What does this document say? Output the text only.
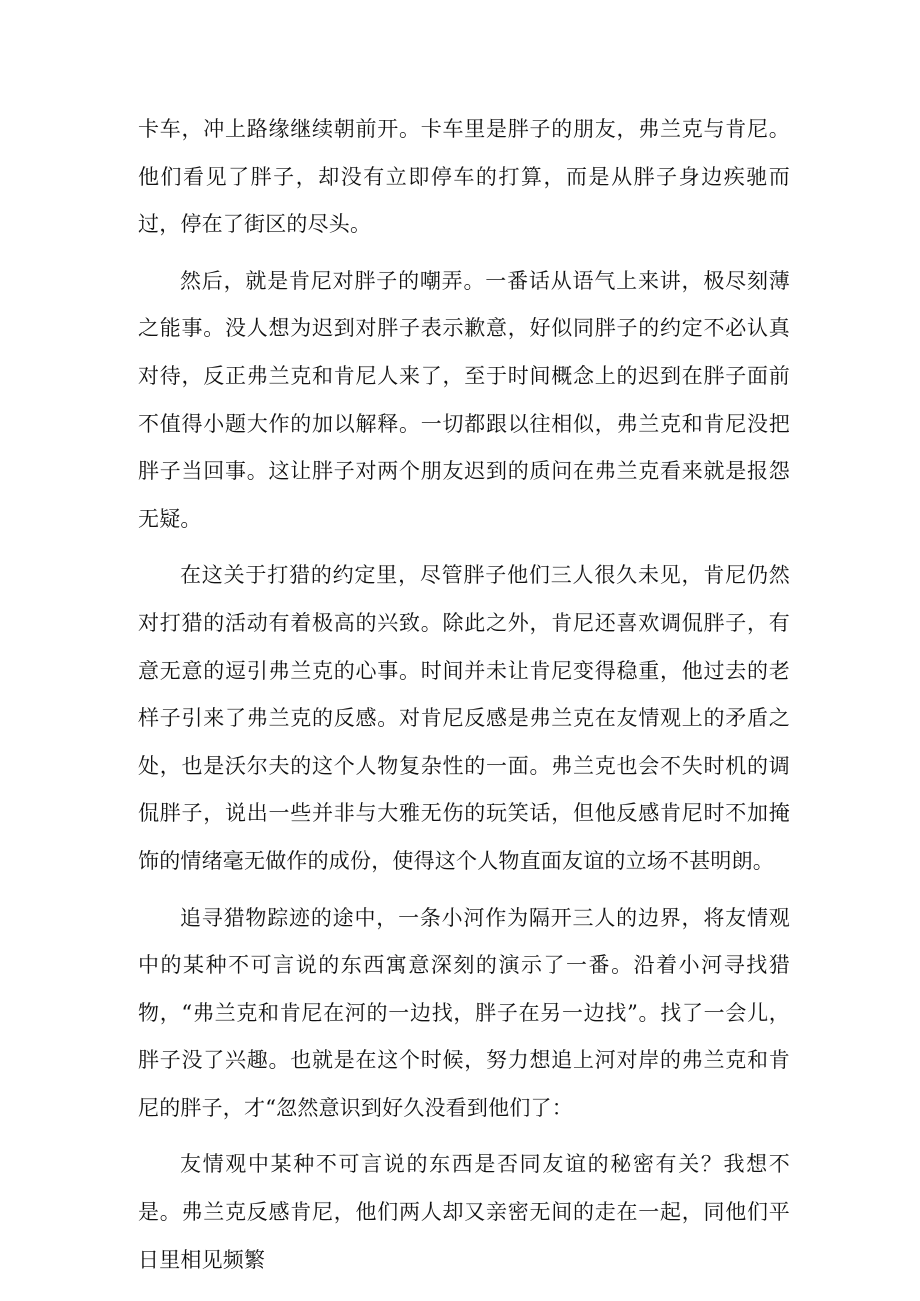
卡车，冲上路缘继续朝前开。卡车里是胖子的朋友，弗兰克与肯尼。他们看见了胖子，却没有立即停车的打算，而是从胖子身边疾驰而过，停在了街区的尽头。

然后，就是肯尼对胖子的嘲弄。一番话从语气上来讲，极尽刻薄之能事。没人想为迟到对胖子表示歉意，好似同胖子的约定不必认真对待，反正弗兰克和肯尼人来了，至于时间概念上的迟到在胖子面前不值得小题大作的加以解释。一切都跟以往相似，弗兰克和肯尼没把胖子当回事。这让胖子对两个朋友迟到的质问在弗兰克看来就是报怨无疑。

在这关于打猎的约定里，尽管胖子他们三人很久未见，肯尼仍然对打猎的活动有着极高的兴致。除此之外，肯尼还喜欢调侃胖子，有意无意的逗引弗兰克的心事。时间并未让肯尼变得稳重，他过去的老样子引来了弗兰克的反感。对肯尼反感是弗兰克在友情观上的矛盾之处，也是沃尔夫的这个人物复杂性的一面。弗兰克也会不失时机的调侃胖子，说出一些并非与大雅无伤的玩笑话，但他反感肯尼时不加掩饰的情绪毫无做作的成份，使得这个人物直面友谊的立场不甚明朗。

追寻猎物踪迹的途中，一条小河作为隔开三人的边界，将友情观中的某种不可言说的东西寓意深刻的演示了一番。沿着小河寻找猎物，“弗兰克和肯尼在河的一边找，胖子在另一边找”。找了一会儿，胖子没了兴趣。也就是在这个时候，努力想追上河对岸的弗兰克和肯尼的胖子，才“忽然意识到好久没看到他们了：

友情观中某种不可言说的东西是否同友谊的秘密有关？我想不是。弗兰克反感肯尼，他们两人却又亲密无间的走在一起，同他们平日里相见频繁
